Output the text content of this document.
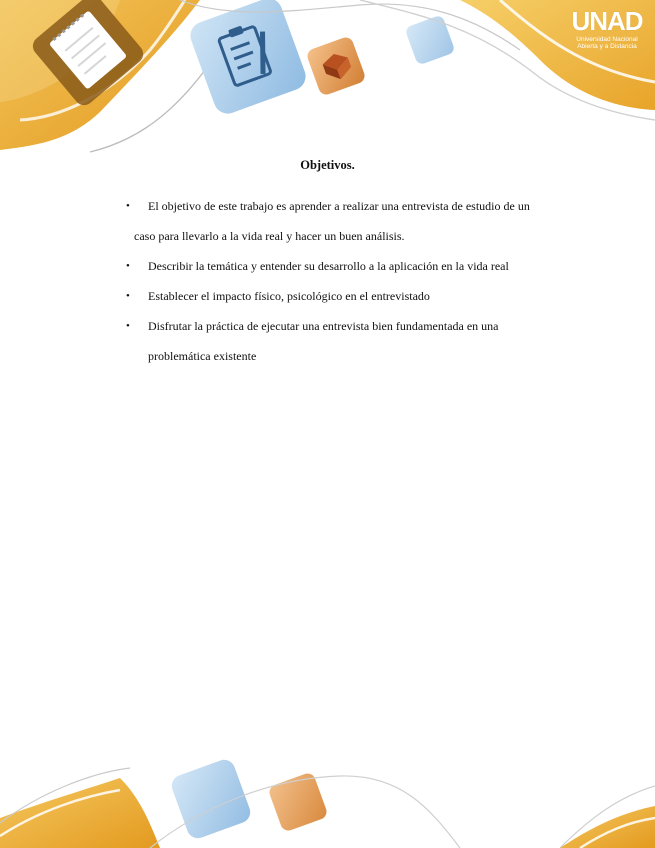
UNAD
Universidad Nacional
Abierta y a Distancia
Objetivos.
• El objetivo de este trabajo es aprender a realizar una entrevista de estudio de un
caso para llevarlo a la vida real y hacer un buen análisis.
• Describir la temática y entender su desarrollo a la aplicación en la vida real
• Establecer el impacto físico, psicológico en el entrevistado
• Disfrutar la práctica de ejecutar una entrevista bien fundamentada en una
problemática existente
